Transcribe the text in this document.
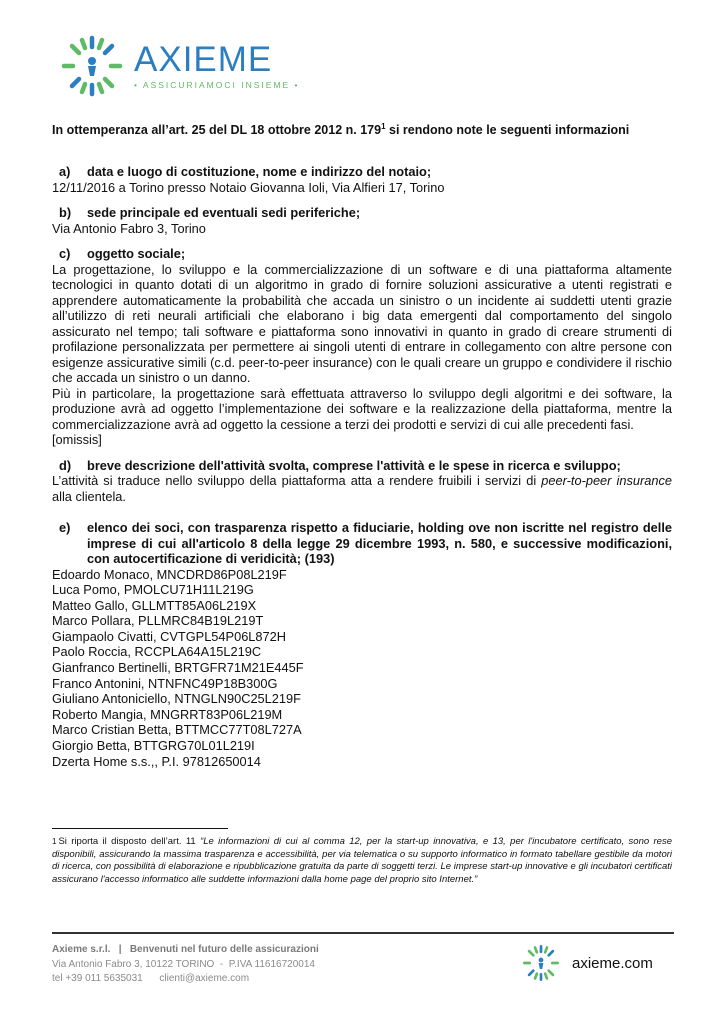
AXIEME
• ASSICURIAMOCI INSIEME •
In ottemperanza all’art. 25 del DL 18 ottobre 2012 n. $179^1$ si rendono note le seguenti informazioni
a)	data e luogo di costituzione, nome e indirizzo del notaio;

12/11/2016 a Torino presso Notaio Giovanna Ioli, Via Alfieri 17, Torino

b)	sede principale ed eventuali sedi periferiche;

Via Antonio Fabro 3, Torino

c)	oggetto sociale;

La progettazione, lo sviluppo e la commercializzazione di un software e di una piattaforma altamente tecnologici in quanto dotati di un algoritmo in grado di fornire soluzioni assicurative a utenti registrati e apprendere automaticamente la probabilità che accada un sinistro o un incidente ai suddetti utenti grazie all’utilizzo di reti neurali artificiali che elaborano i big data emergenti dal comportamento del singolo assicurato nel tempo; tali software e piattaforma sono innovativi in quanto in grado di creare strumenti di profilazione personalizzata per permettere ai singoli utenti di entrare in collegamento con altre persone con esigenze assicurative simili (c.d. peer-to-peer insurance) con le quali creare un gruppo e condividere il rischio che accada un sinistro o un danno.

Più in particolare, la progettazione sarà effettuata attraverso lo sviluppo degli algoritmi e dei software, la produzione avrà ad oggetto l’implementazione dei software e la realizzazione della piattaforma, mentre la commercializzazione avrà ad oggetto la cessione a terzi dei prodotti e servizi di cui alle precedenti fasi.

[omissis]

d)	breve descrizione dell'attività svolta, comprese l'attività e le spese in ricerca e sviluppo;

L’attività si traduce nello sviluppo della piattaforma atta a rendere fruibili i servizi di peer-to-peer insurance alla clientela.

e)	elenco dei soci, con trasparenza rispetto a fiduciarie, holding ove non iscritte nel registro delle imprese di cui all'articolo 8 della legge 29 dicembre 1993, n. 580, e successive modificazioni, con autocertificazione di veridicità; (193)
Edoardo Monaco, MNCDRD86P08L219F
Luca Pomo, PMOLCU71H11L219G
Matteo Gallo, GLLMTT85A06L219X
Marco Pollara, PLLMRC84B19L219T
Giampaolo Civatti, CVTGPL54P06L872H
Paolo Roccia, RCCPLA64A15L219C
Gianfranco Bertinelli, BRTGFR71M21E445F
Franco Antonini, NTNFNC49P18B300G
Giuliano Antoniciello, NTNGLN90C25L219F
Roberto Mangia, MNGRRT83P06L219M
Marco Cristian Betta, BTTMCC77T08L727A
Giorgio Betta, BTTGRG70L01L219I
Dzerta Home s.s.,, P.I. 97812650014
$^1$ Si riporta il disposto dell’art. 11 “Le informazioni di cui al comma 12, per la start-up innovativa, e 13, per l'incubatore certificato, sono rese disponibili, assicurando la massima trasparenza e accessibilità, per via telematica o su supporto informatico in formato tabellare gestibile da motori di ricerca, con possibilità di elaborazione e ripubblicazione gratuita da parte di soggetti terzi. Le imprese start-up innovative e gli incubatori certificati assicurano l'accesso informatico alle suddette informazioni dalla home page del proprio sito Internet.”
Axieme s.r.l.   |   Benvenuti nel futuro delle assicurazioni
Via Antonio Fabro 3, 10122 TORINO  -  P.IVA 11616720014
tel +39 011 5635031      clienti@axieme.com
axieme.com
